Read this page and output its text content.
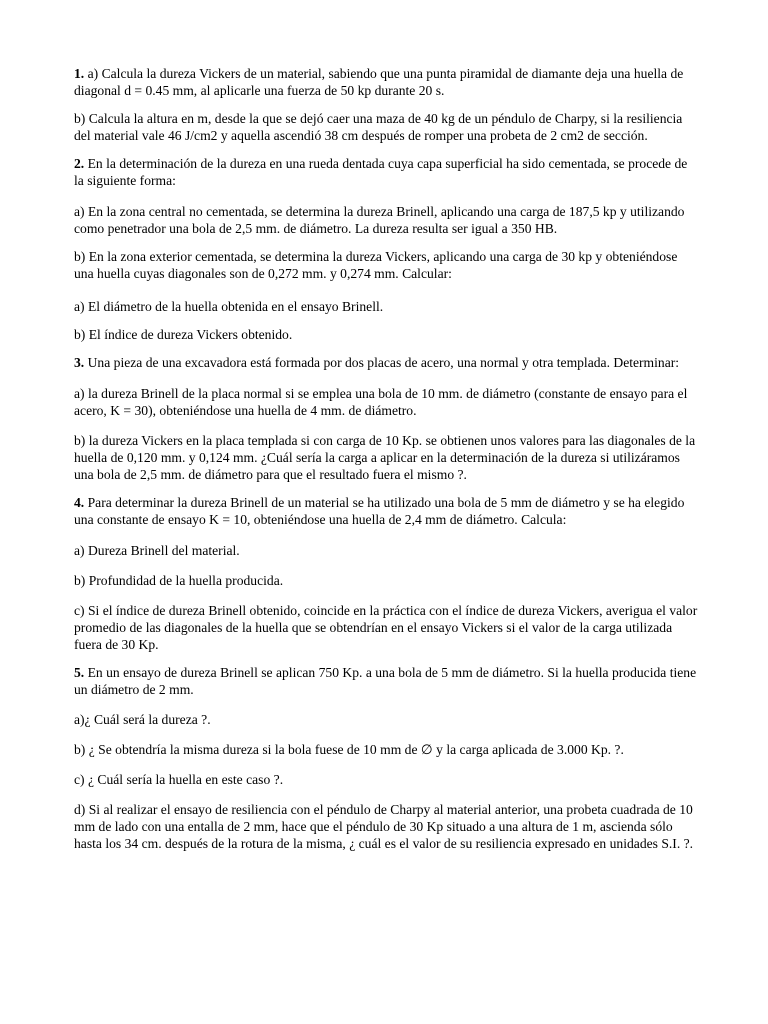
1. a) Calcula la dureza Vickers de un material, sabiendo que una punta piramidal de diamante deja una huella de diagonal d = 0.45 mm, al aplicarle una fuerza de 50 kp durante 20 s.

b) Calcula la altura en m, desde la que se dejó caer una maza de 40 kg de un péndulo de Charpy, si la resiliencia del material vale 46 J/cm2 y aquella ascendió 38 cm después de romper una probeta de 2 cm2 de sección.

2. En la determinación de la dureza en una rueda dentada cuya capa superficial ha sido cementada, se procede de la siguiente forma:

a) En la zona central no cementada, se determina la dureza Brinell, aplicando una carga de 187,5 kp y utilizando como penetrador una bola de 2,5 mm. de diámetro. La dureza resulta ser igual a 350 HB.

b) En la zona exterior cementada, se determina la dureza Vickers, aplicando una carga de 30 kp y obteniéndose una huella cuyas diagonales son de 0,272 mm. y 0,274 mm. Calcular:

a) El diámetro de la huella obtenida en el ensayo Brinell.

b) El índice de dureza Vickers obtenido.

3. Una pieza de una excavadora está formada por dos placas de acero, una normal y otra templada. Determinar:

a) la dureza Brinell de la placa normal si se emplea una bola de 10 mm. de diámetro (constante de ensayo para el acero, K = 30), obteniéndose una huella de 4 mm. de diámetro.

b) la dureza Vickers en la placa templada si con carga de 10 Kp. se obtienen unos valores para las diagonales de la huella de 0,120 mm. y 0,124 mm. ¿Cuál sería la carga a aplicar en la determinación de la dureza si utilizáramos una bola de 2,5 mm. de diámetro para que el resultado fuera el mismo ?.

4. Para determinar la dureza Brinell de un material se ha utilizado una bola de 5 mm de diámetro y se ha elegido una constante de ensayo K = 10, obteniéndose una huella de 2,4 mm de diámetro. Calcula:

a) Dureza Brinell del material.

b) Profundidad de la huella producida.

c) Si el índice de dureza Brinell obtenido, coincide en la práctica con el índice de dureza Vickers, averigua el valor promedio de las diagonales de la huella que se obtendrían en el ensayo Vickers si el valor de la carga utilizada fuera de 30 Kp.

5. En un ensayo de dureza Brinell se aplican 750 Kp. a una bola de 5 mm de diámetro. Si la huella producida tiene un diámetro de 2 mm.

a)¿ Cuál será la dureza ?.

b) ¿ Se obtendría la misma dureza si la bola fuese de 10 mm de ∅ y la carga aplicada de 3.000 Kp. ?.

c) ¿ Cuál sería la huella en este caso ?.

d) Si al realizar el ensayo de resiliencia con el péndulo de Charpy al material anterior, una probeta cuadrada de 10 mm de lado con una entalla de 2 mm, hace que el péndulo de 30 Kp situado a una altura de 1 m, ascienda sólo hasta los 34 cm. después de la rotura de la misma, ¿ cuál es el valor de su resiliencia expresado en unidades S.I. ?.
